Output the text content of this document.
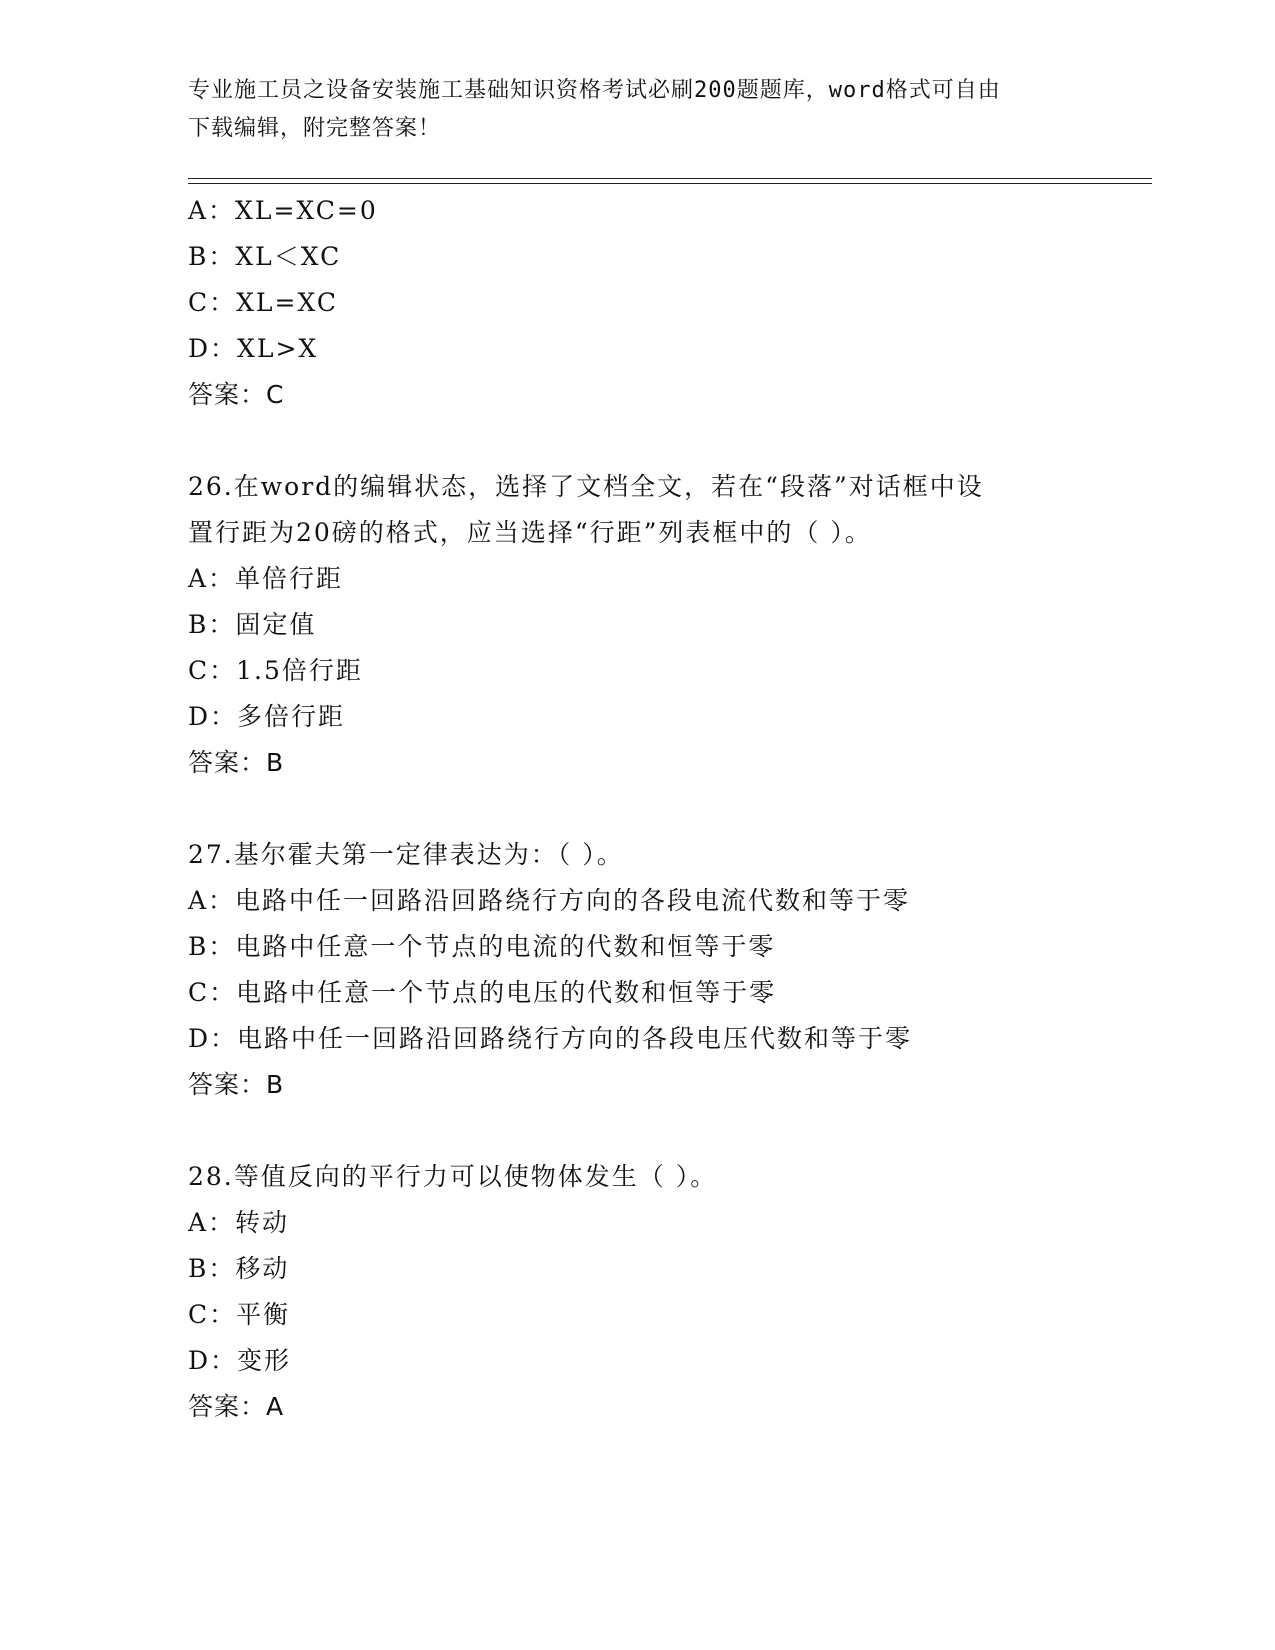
专业施工员之设备安装施工基础知识资格考试必刷200题题库，word格式可自由
下载编辑，附完整答案！
A：XL=XC=0
B：XL＜XC
C：XL=XC
D：XL>X
答案：C
26.在word的编辑状态，选择了文档全文，若在“段落”对话框中设
置行距为20磅的格式，应当选择“行距”列表框中的（ ）。
A：单倍行距
B：固定值
C：1.5倍行距
D：多倍行距
答案：B
27.基尔霍夫第一定律表达为：（ ）。
A：电路中任一回路沿回路绕行方向的各段电流代数和等于零
B：电路中任意一个节点的电流的代数和恒等于零
C：电路中任意一个节点的电压的代数和恒等于零
D：电路中任一回路沿回路绕行方向的各段电压代数和等于零
答案：B
28.等值反向的平行力可以使物体发生（ ）。
A：转动
B：移动
C：平衡
D：变形
答案：A
